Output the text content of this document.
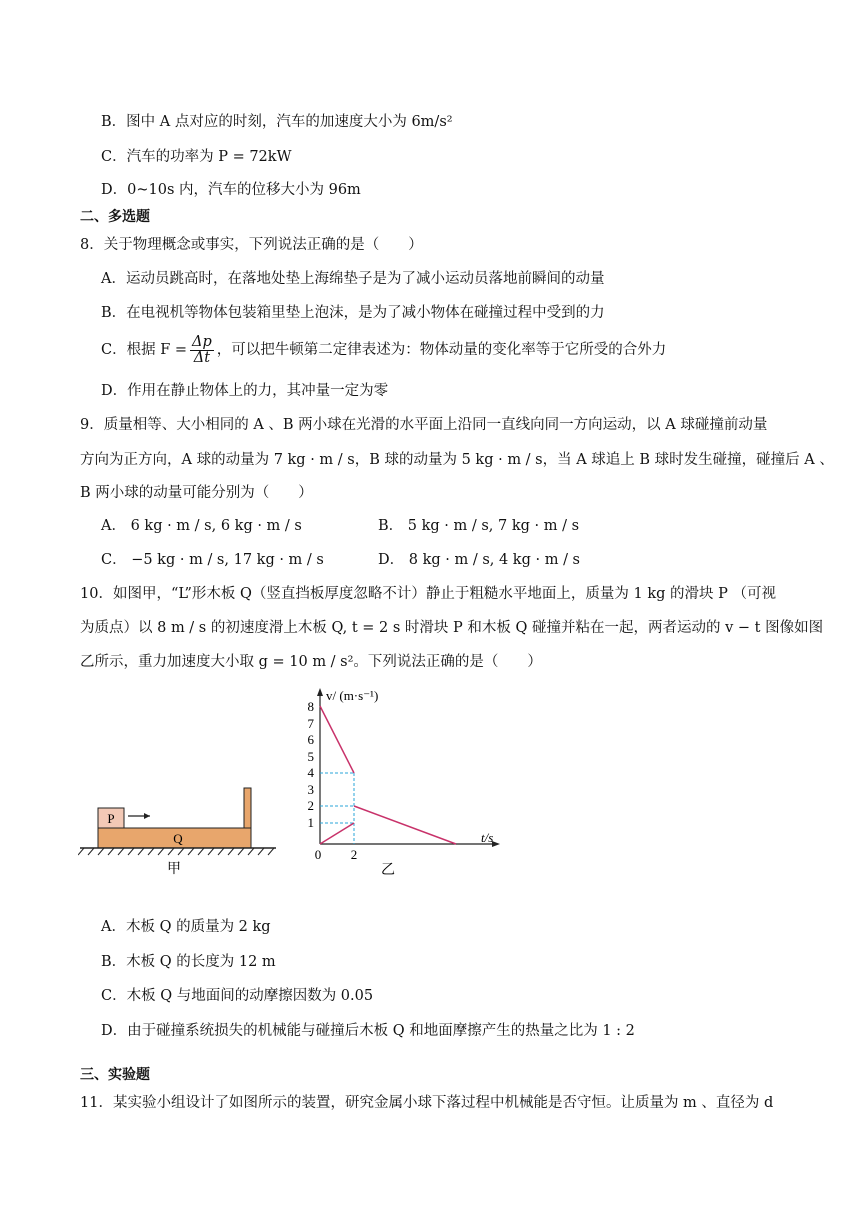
B．图中 A 点对应的时刻，汽车的加速度大小为 6m/s²
C．汽车的功率为 P = 72kW
D．0~10s 内，汽车的位移大小为 96m
二、多选题
8．关于物理概念或事实，下列说法正确的是（　　）
A．运动员跳高时，在落地处垫上海绵垫子是为了减小运动员落地前瞬间的动量
B．在电视机等物体包装箱里垫上泡沫，是为了减小物体在碰撞过程中受到的力
C．根据 $F = \frac{\Delta p}{\Delta t}$ ，可以把牛顿第二定律表述为：物体动量的变化率等于它所受的合外力
D．作用在静止物体上的力，其冲量一定为零
9．质量相等、大小相同的 A 、B 两小球在光滑的水平面上沿同一直线向同一方向运动，以 A 球碰撞前动量
方向为正方向，A 球的动量为 7 kg · m / s，B 球的动量为 5 kg · m / s，当 A 球追上 B 球时发生碰撞，碰撞后 A 、
B 两小球的动量可能分别为（　　）
A． 6 kg · m / s, 6 kg · m / s	B． 5 kg · m / s, 7 kg · m / s
C． −5 kg · m / s, 17 kg · m / s	D． 8 kg · m / s, 4 kg · m / s
10．如图甲，“L”形木板 Q（竖直挡板厚度忽略不计）静止于粗糙水平地面上，质量为 1 kg 的滑块 P （可视
为质点）以 8 m / s 的初速度滑上木板 Q, t = 2 s 时滑块 P 和木板 Q 碰撞并粘在一起，两者运动的 v − t 图像如图
乙所示，重力加速度大小取 g = 10 m / s²。下列说法正确的是（　　）
P
Q
甲
v/ (m·s⁻¹)
t/s
8
7
6
5
4
3
2
1
0 2
乙
A．木板 Q 的质量为 2 kg
B．木板 Q 的长度为 12 m
C．木板 Q 与地面间的动摩擦因数为 0.05
D．由于碰撞系统损失的机械能与碰撞后木板 Q 和地面摩擦产生的热量之比为 1 : 2
三、实验题
11．某实验小组设计了如图所示的装置，研究金属小球下落过程中机械能是否守恒。让质量为 m 、直径为 d
